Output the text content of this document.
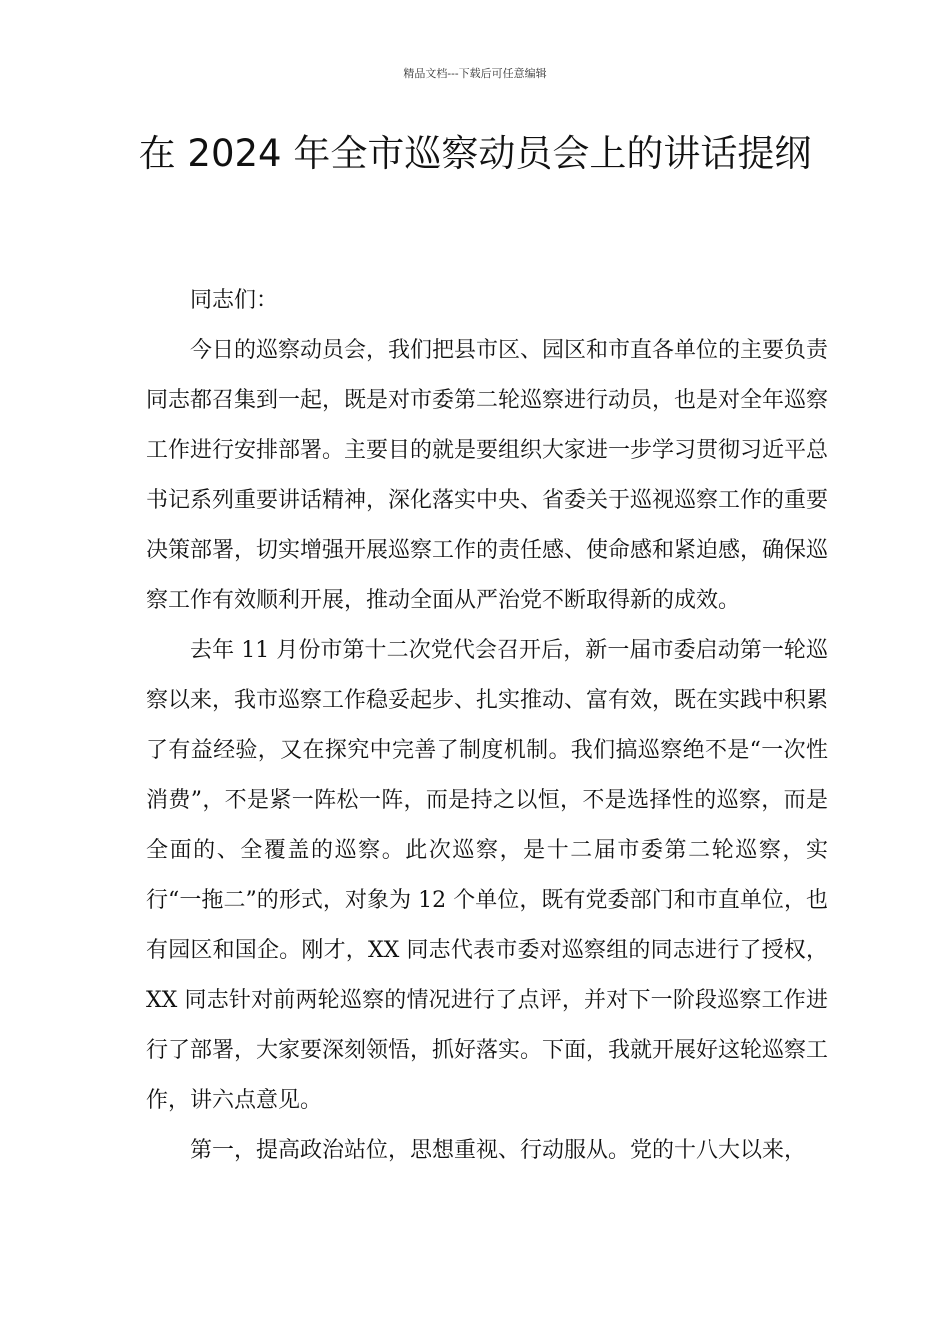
精品文档---下载后可任意编辑
在 2024 年全市巡察动员会上的讲话提纲

同志们：

今日的巡察动员会，我们把县市区、园区和市直各单位的主要负责同志都召集到一起，既是对市委第二轮巡察进行动员，也是对全年巡察工作进行安排部署。主要目的就是要组织大家进一步学习贯彻习近平总书记系列重要讲话精神，深化落实中央、省委关于巡视巡察工作的重要决策部署，切实增强开展巡察工作的责任感、使命感和紧迫感，确保巡察工作有效顺利开展，推动全面从严治党不断取得新的成效。

去年 11 月份市第十二次党代会召开后，新一届市委启动第一轮巡察以来，我市巡察工作稳妥起步、扎实推动、富有效，既在实践中积累了有益经验，又在探究中完善了制度机制。我们搞巡察绝不是“一次性消费”，不是紧一阵松一阵，而是持之以恒，不是选择性的巡察，而是全面的、全覆盖的巡察。此次巡察，是十二届市委第二轮巡察，实行“一拖二”的形式，对象为 12 个单位，既有党委部门和市直单位，也有园区和国企。刚才，XX 同志代表市委对巡察组的同志进行了授权，XX 同志针对前两轮巡察的情况进行了点评，并对下一阶段巡察工作进行了部署，大家要深刻领悟，抓好落实。下面，我就开展好这轮巡察工作，讲六点意见。

第一，提高政治站位，思想重视、行动服从。党的十八大以来，
